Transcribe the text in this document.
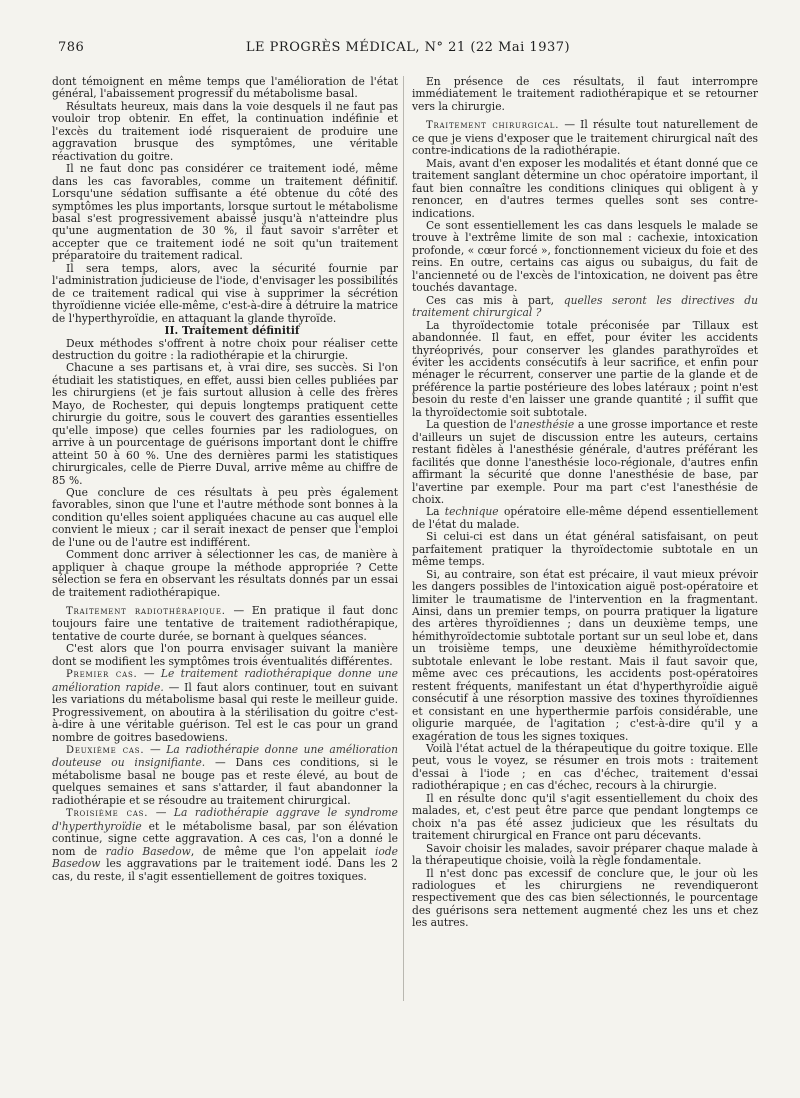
786	LE PROGRÈS MÉDICAL, N° 21 (22 Mai 1937)

dont témoignent en même temps que l'amélioration de l'état général, l'abaissement progressif du métabolisme basal.

Résultats heureux, mais dans la voie desquels il ne faut pas vouloir trop obtenir. En effet, la continuation indéfinie et l'excès du traitement iodé risqueraient de produire une aggravation brusque des symptômes, une véritable réactivation du goitre.

Il ne faut donc pas considérer ce traitement iodé, même dans les cas favorables, comme un traitement définitif. Lorsqu'une sédation suffisante a été obtenue du côté des symptômes les plus importants, lorsque surtout le métabolisme basal s'est progressivement abaissé jusqu'à n'atteindre plus qu'une augmentation de 30 %, il faut savoir s'arrêter et accepter que ce traitement iodé ne soit qu'un traitement préparatoire du traitement radical.

Il sera temps, alors, avec la sécurité fournie par l'administration judicieuse de l'iode, d'envisager les possibilités de ce traitement radical qui vise à supprimer la sécrétion thyroïdienne viciée elle-même, c'est-à-dire à détruire la matrice de l'hyperthyroïdie, en attaquant la glande thyroïde.

II. Traitement définitif

Deux méthodes s'offrent à notre choix pour réaliser cette destruction du goitre : la radiothérapie et la chirurgie.

Chacune a ses partisans et, à vrai dire, ses succès. Si l'on étudiait les statistiques, en effet, aussi bien celles publiées par les chirurgiens (et je fais surtout allusion à celle des frères Mayo, de Rochester, qui depuis longtemps pratiquent cette chirurgie du goitre, sous le couvert des garanties essentielles qu'elle impose) que celles fournies par les radiologues, on arrive à un pourcentage de guérisons important dont le chiffre atteint 50 à 60 %. Une des dernières parmi les statistiques chirurgicales, celle de Pierre Duval, arrive même au chiffre de 85 %.

Que conclure de ces résultats à peu près également favorables, sinon que l'une et l'autre méthode sont bonnes à la condition qu'elles soient appliquées chacune au cas auquel elle convient le mieux ; car il serait inexact de penser que l'emploi de l'une ou de l'autre est indifférent.

Comment donc arriver à sélectionner les cas, de manière à appliquer à chaque groupe la méthode appropriée ? Cette sélection se fera en observant les résultats donnés par un essai de traitement radiothérapique.

Traitement radiothérapique. — En pratique il faut donc toujours faire une tentative de traitement radiothérapique, tentative de courte durée, se bornant à quelques séances.

C'est alors que l'on pourra envisager suivant la manière dont se modifient les symptômes trois éventualités différentes.

Premier cas. — Le traitement radiothérapique donne une amélioration rapide. — Il faut alors continuer, tout en suivant les variations du métabolisme basal qui reste le meilleur guide. Progressivement, on aboutira à la stérilisation du goitre c'est-à-dire à une véritable guérison. Tel est le cas pour un grand nombre de goitres basedowiens.

Deuxième cas. — La radiothérapie donne une amélioration douteuse ou insignifiante. — Dans ces conditions, si le métabolisme basal ne bouge pas et reste élevé, au bout de quelques semaines et sans s'attarder, il faut abandonner la radiothérapie et se résoudre au traitement chirurgical.

Troisième cas. — La radiothérapie aggrave le syndrome d'hyperthyroïdie et le métabolisme basal, par son élévation continue, signe cette aggravation. A ces cas, l'on a donné le nom de radio Basedow, de même que l'on appelait iode Basedow les aggravations par le traitement iodé. Dans les 2 cas, du reste, il s'agit essentiellement de goitres toxiques.

En présence de ces résultats, il faut interrompre immédiatement le traitement radiothérapique et se retourner vers la chirurgie.

Traitement chirurgical. — Il résulte tout naturellement de ce que je viens d'exposer que le traitement chirurgical naît des contre-indications de la radiothérapie.

Mais, avant d'en exposer les modalités et étant donné que ce traitement sanglant détermine un choc opératoire important, il faut bien connaître les conditions cliniques qui obligent à y renoncer, en d'autres termes quelles sont ses contre-indications.

Ce sont essentiellement les cas dans lesquels le malade se trouve à l'extrême limite de son mal : cachexie, intoxication profonde, « cœur forcé », fonctionnement vicieux du foie et des reins. En outre, certains cas aigus ou subaigus, du fait de l'ancienneté ou de l'excès de l'intoxication, ne doivent pas être touchés davantage.

Ces cas mis à part, quelles seront les directives du traitement chirurgical ?

La thyroïdectomie totale préconisée par Tillaux est abandonnée. Il faut, en effet, pour éviter les accidents thyréoprivés, pour conserver les glandes parathyroïdes et éviter les accidents consécutifs à leur sacrifice, et enfin pour ménager le récurrent, conserver une partie de la glande et de préférence la partie postérieure des lobes latéraux ; point n'est besoin du reste d'en laisser une grande quantité ; il suffit que la thyroïdectomie soit subtotale.

La question de l'anesthésie a une grosse importance et reste d'ailleurs un sujet de discussion entre les auteurs, certains restant fidèles à l'anesthésie générale, d'autres préférant les facilités que donne l'anesthésie loco-régionale, d'autres enfin affirmant la sécurité que donne l'anesthésie de base, par l'avertine par exemple. Pour ma part c'est l'anesthésie de choix.

La technique opératoire elle-même dépend essentiellement de l'état du malade.

Si celui-ci est dans un état général satisfaisant, on peut parfaitement pratiquer la thyroïdectomie subtotale en un même temps.

Si, au contraire, son état est précaire, il vaut mieux prévoir les dangers possibles de l'intoxication aiguë post-opératoire et limiter le traumatisme de l'intervention en la fragmentant. Ainsi, dans un premier temps, on pourra pratiquer la ligature des artères thyroïdiennes ; dans un deuxième temps, une hémithyroïdectomie subtotale portant sur un seul lobe et, dans un troisième temps, une deuxième hémithyroïdectomie subtotale enlevant le lobe restant. Mais il faut savoir que, même avec ces précautions, les accidents post-opératoires restent fréquents, manifestant un état d'hyperthyroïdie aiguë consécutif à une résorption massive des toxines thyroïdiennes et consistant en une hyperthermie parfois considérable, une oligurie marquée, de l'agitation ; c'est-à-dire qu'il y a exagération de tous les signes toxiques.

Voilà l'état actuel de la thérapeutique du goitre toxique. Elle peut, vous le voyez, se résumer en trois mots : traitement d'essai à l'iode ; en cas d'échec, traitement d'essai radiothérapique ; en cas d'échec, recours à la chirurgie.

Il en résulte donc qu'il s'agit essentiellement du choix des malades, et, c'est peut être parce que pendant longtemps ce choix n'a pas été assez judicieux que les résultats du traitement chirurgical en France ont paru décevants.

Savoir choisir les malades, savoir préparer chaque malade à la thérapeutique choisie, voilà la règle fondamentale.

Il n'est donc pas excessif de conclure que, le jour où les radiologues et les chirurgiens ne revendiqueront respectivement que des cas bien sélectionnés, le pourcentage des guérisons sera nettement augmenté chez les uns et chez les autres.
